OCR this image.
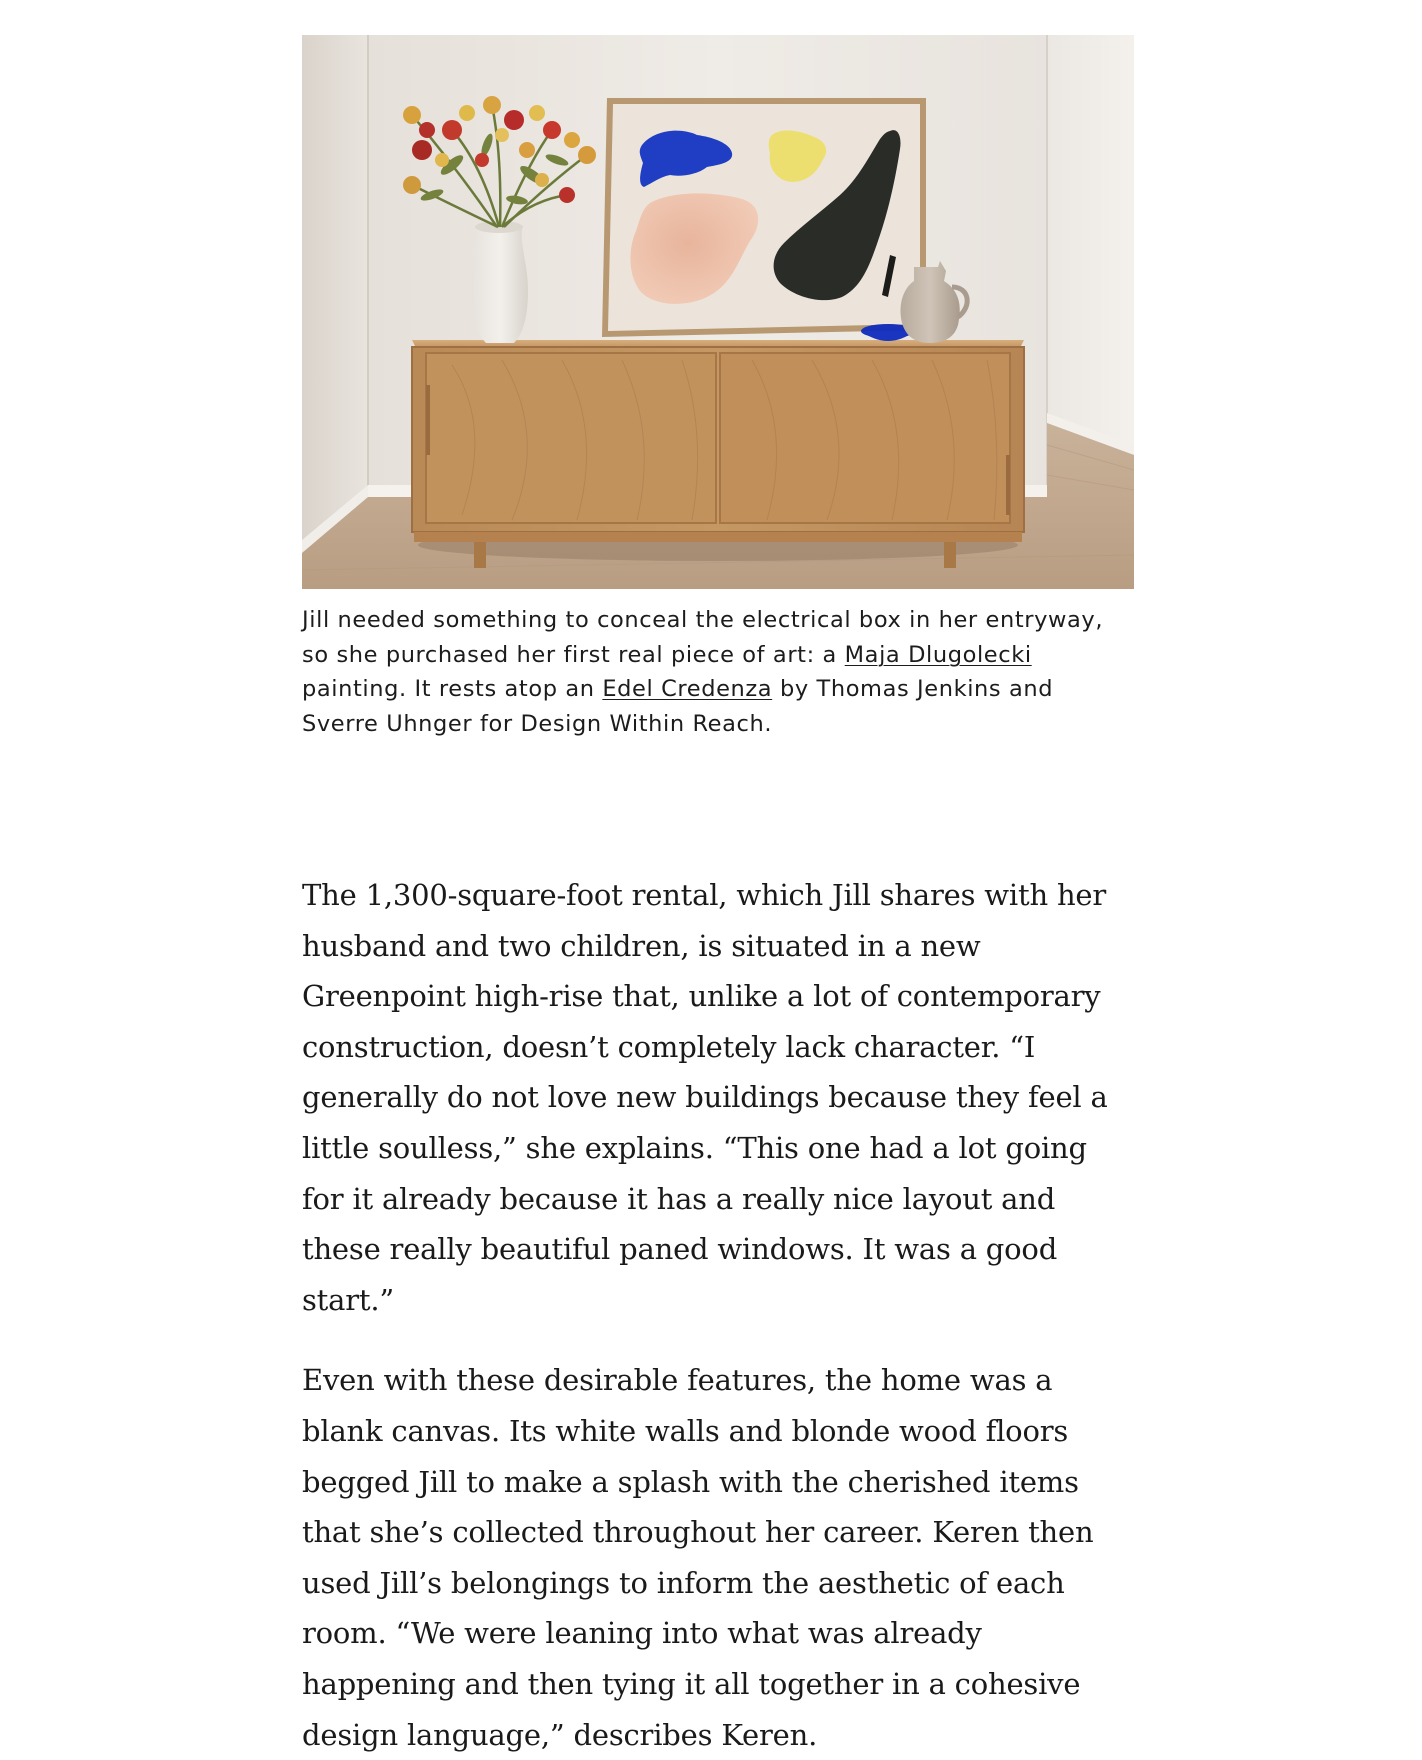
Jill needed something to conceal the electrical box in her entryway, so she purchased her first real piece of art: a Maja Dlugolecki painting. It rests atop an Edel Credenza by Thomas Jenkins and Sverre Uhnger for Design Within Reach.

The 1,300-square-foot rental, which Jill shares with her husband and two children, is situated in a new Greenpoint high-rise that, unlike a lot of contemporary construction, doesn’t completely lack character. “I generally do not love new buildings because they feel a little soulless,” she explains. “This one had a lot going for it already because it has a really nice layout and these really beautiful paned windows. It was a good start.”

Even with these desirable features, the home was a blank canvas. Its white walls and blonde wood floors begged Jill to make a splash with the cherished items that she’s collected throughout her career. Keren then used Jill’s belongings to inform the aesthetic of each room. “We were leaning into what was already happening and then tying it all together in a cohesive design language,” describes Keren.
